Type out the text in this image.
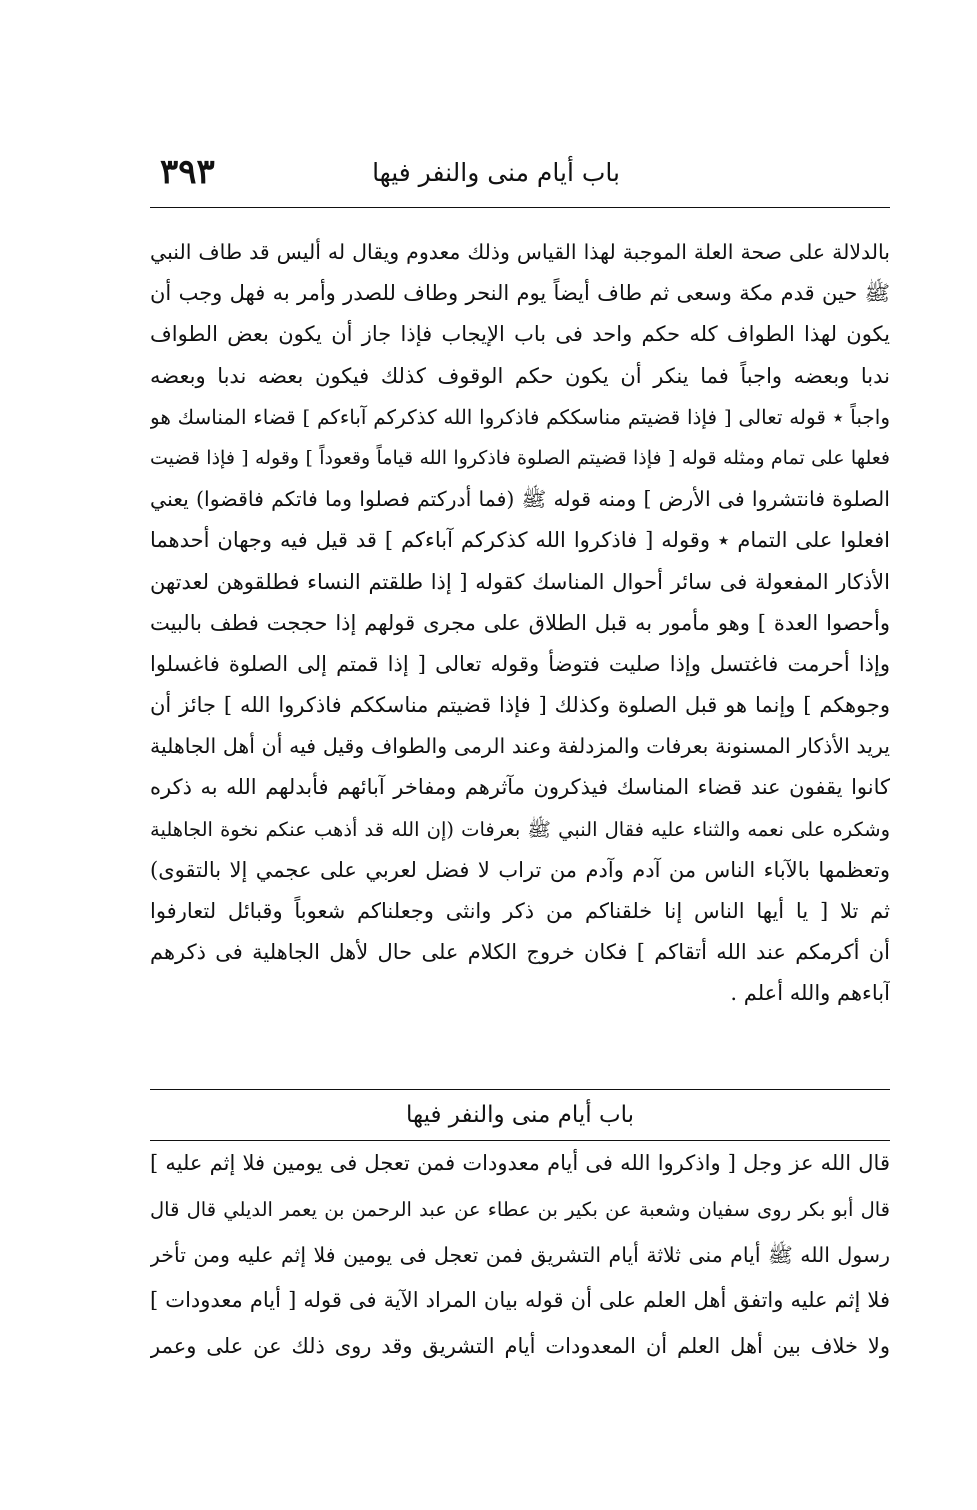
باب أيام منى والنفر فيها
٣٩٣
بالدلالة على صحة العلة الموجبة لهذا القياس وذلك معدوم ويقال له أليس قد طاف النبي
ﷺ حين قدم مكة وسعى ثم طاف أيضاً يوم النحر وطاف للصدر وأمر به فهل وجب أن
يكون لهذا الطواف كله حكم واحد فى باب الإيجاب فإذا جاز أن يكون بعض الطواف
ندبا وبعضه واجباً فما ينكر أن يكون حكم الوقوف كذلك فيكون بعضه ندبا وبعضه
واجباً ٭ قوله تعالى [ فإذا قضيتم مناسككم فاذكروا الله كذكركم آباءكم ] قضاء المناسك هو
فعلها على تمام ومثله قوله [ فإذا قضيتم الصلوة فاذكروا الله قياماً وقعوداً ] وقوله [ فإذا قضيت
الصلوة فانتشروا فى الأرض ] ومنه قوله ﷺ (فما أدركتم فصلوا وما فاتكم فاقضوا) يعني
افعلوا على التمام ٭ وقوله [ فاذكروا الله كذكركم آباءكم ] قد قيل فيه وجهان أحدهما
الأذكار المفعولة فى سائر أحوال المناسك كقوله [ إذا طلقتم النساء فطلقوهن لعدتهن
وأحصوا العدة ] وهو مأمور به قبل الطلاق على مجرى قولهم إذا حججت فطف بالبيت
وإذا أحرمت فاغتسل وإذا صليت فتوضأ وقوله تعالى [ إذا قمتم إلى الصلوة فاغسلوا
وجوهكم ] وإنما هو قبل الصلوة وكذلك [ فإذا قضيتم مناسككم فاذكروا الله ] جائز أن
يريد الأذكار المسنونة بعرفات والمزدلفة وعند الرمى والطواف وقيل فيه أن أهل الجاهلية
كانوا يقفون عند قضاء المناسك فيذكرون مآثرهم ومفاخر آبائهم فأبدلهم الله به ذكره
وشكره على نعمه والثناء عليه فقال النبي ﷺ بعرفات (إن الله قد أذهب عنكم نخوة الجاهلية
وتعظمها بالآباء الناس من آدم وآدم من تراب لا فضل لعربي على عجمي إلا بالتقوى)
ثم تلا [ يا أيها الناس إنا خلقناكم من ذكر وانثى وجعلناكم شعوباً وقبائل لتعارفوا
أن أكرمكم عند الله أتقاكم ] فكان خروج الكلام على حال لأهل الجاهلية فى ذكرهم
آباءهم والله أعلم .
باب أيام منى والنفر فيها
قال الله عز وجل [ واذكروا الله فى أيام معدودات فمن تعجل فى يومين فلا إثم عليه ]
قال أبو بكر روى سفيان وشعبة عن بكير بن عطاء عن عبد الرحمن بن يعمر الديلي قال قال
رسول الله ﷺ أيام منى ثلاثة أيام التشريق فمن تعجل فى يومين فلا إثم عليه ومن تأخر
فلا إثم عليه واتفق أهل العلم على أن قوله بيان المراد الآية فى قوله [ أيام معدودات ]
ولا خلاف بين أهل العلم أن المعدودات أيام التشريق وقد روى ذلك عن على وعمر
